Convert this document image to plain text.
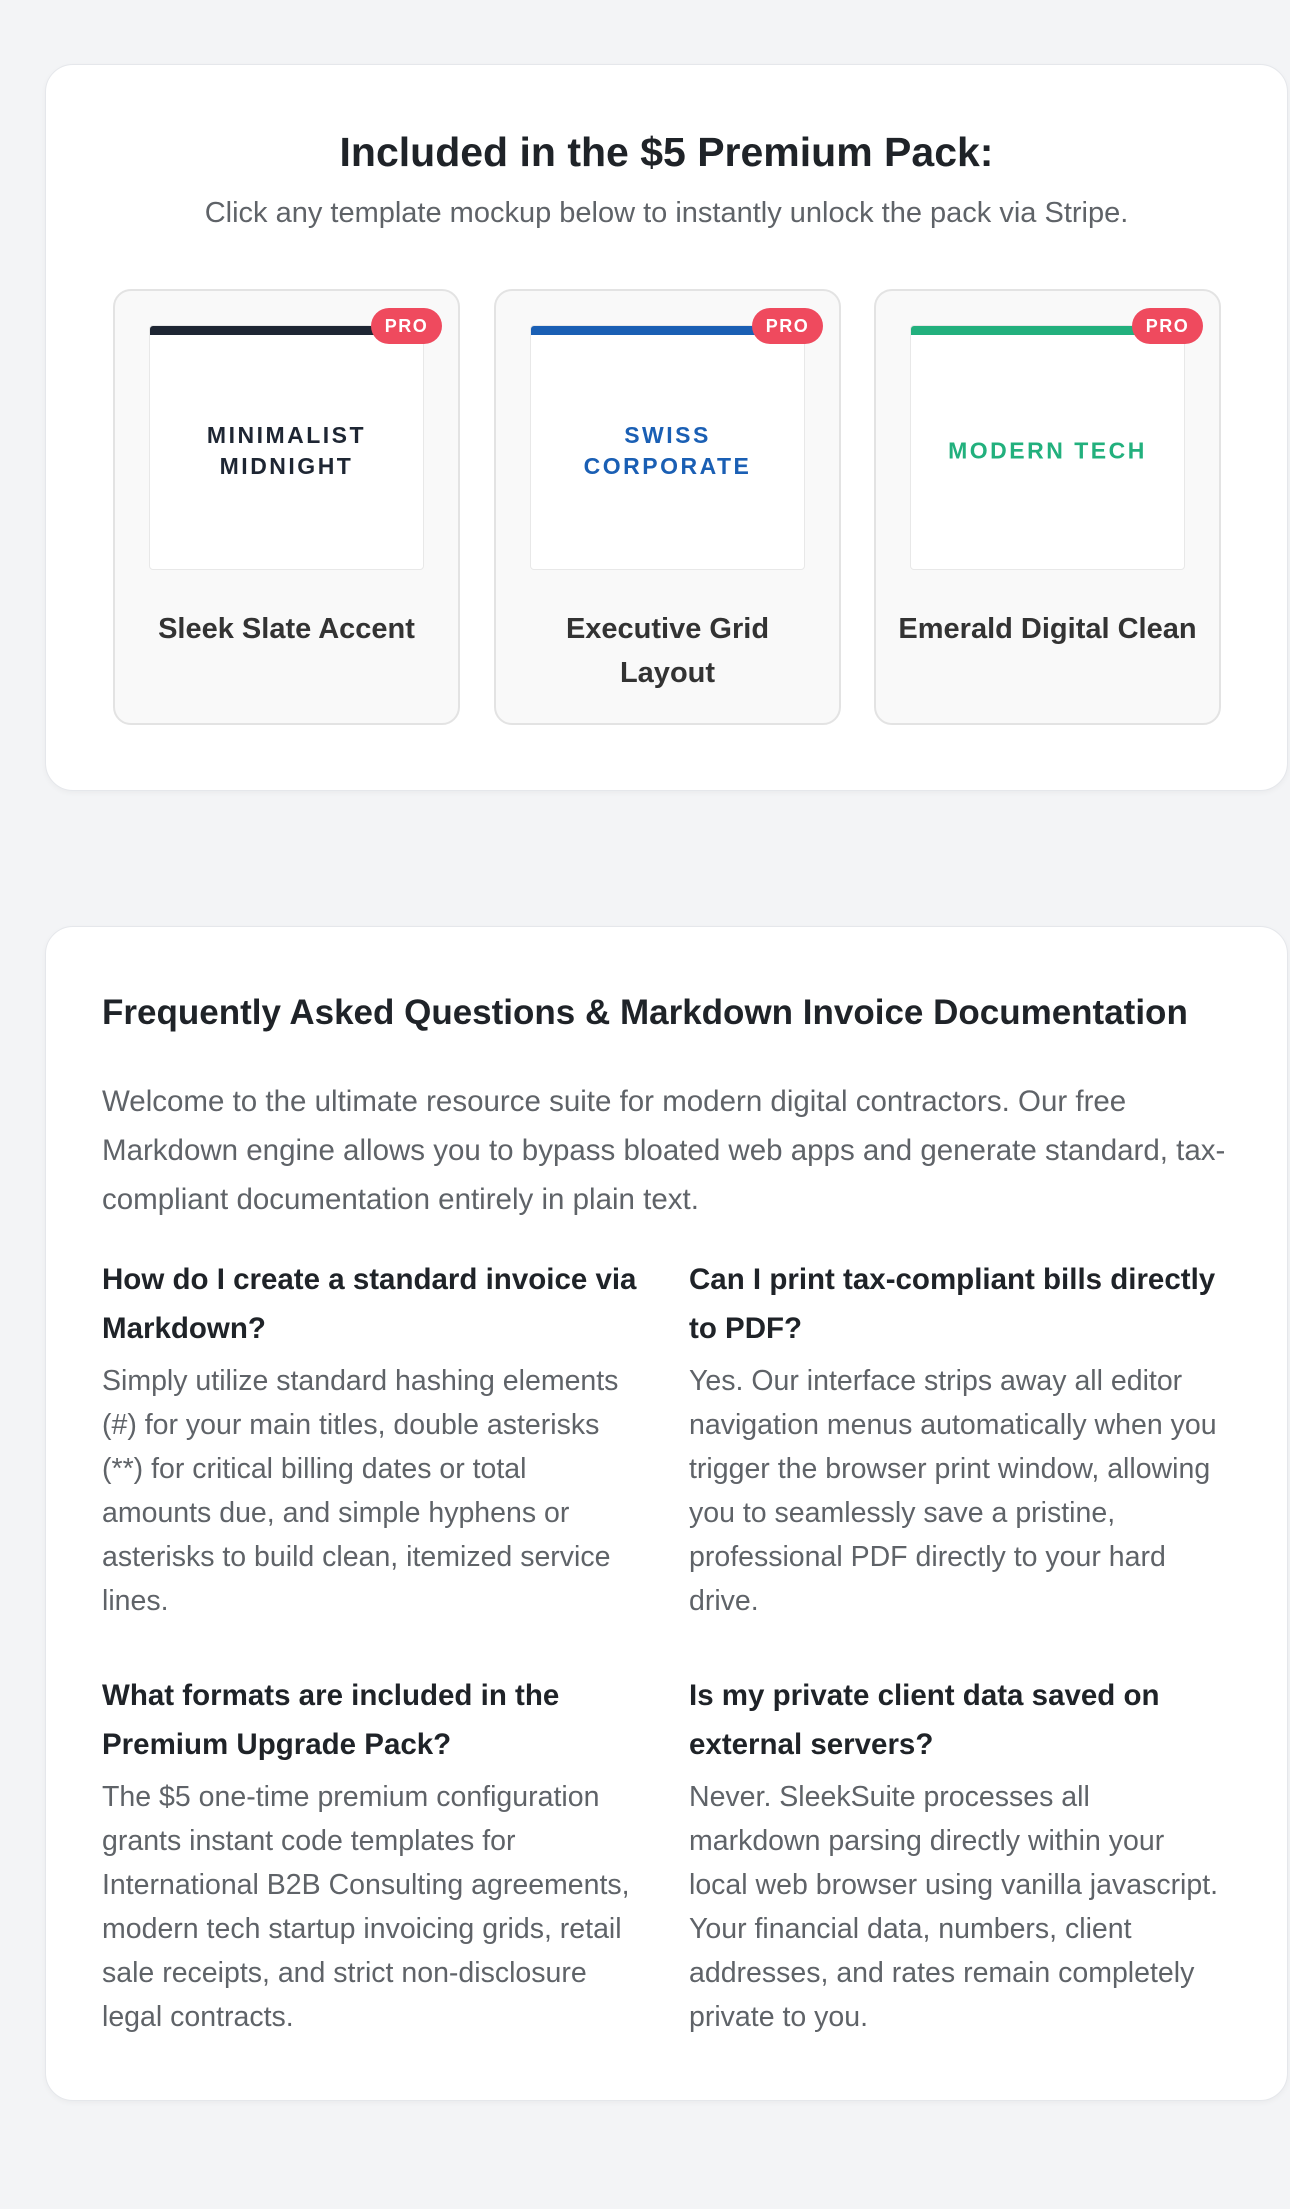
Included in the $5 Premium Pack:

Click any template mockup below to instantly unlock the pack via Stripe.

MINIMALIST MIDNIGHT
PRO

Sleek Slate Accent

SWISS CORPORATE
PRO

Executive Grid Layout

MODERN TECH
PRO

Emerald Digital Clean

Frequently Asked Questions & Markdown Invoice Documentation

Welcome to the ultimate resource suite for modern digital contractors. Our free Markdown engine allows you to bypass bloated web apps and generate standard, tax-compliant documentation entirely in plain text.

How do I create a standard invoice via Markdown?

Simply utilize standard hashing elements (#) for your main titles, double asterisks (**) for critical billing dates or total amounts due, and simple hyphens or asterisks to build clean, itemized service lines.

Can I print tax-compliant bills directly to PDF?

Yes. Our interface strips away all editor navigation menus automatically when you trigger the browser print window, allowing you to seamlessly save a pristine, professional PDF directly to your hard drive.

What formats are included in the Premium Upgrade Pack?

The $5 one-time premium configuration grants instant code templates for International B2B Consulting agreements, modern tech startup invoicing grids, retail sale receipts, and strict non-disclosure legal contracts.

Is my private client data saved on external servers?

Never. SleekSuite processes all markdown parsing directly within your local web browser using vanilla javascript. Your financial data, numbers, client addresses, and rates remain completely private to you.
